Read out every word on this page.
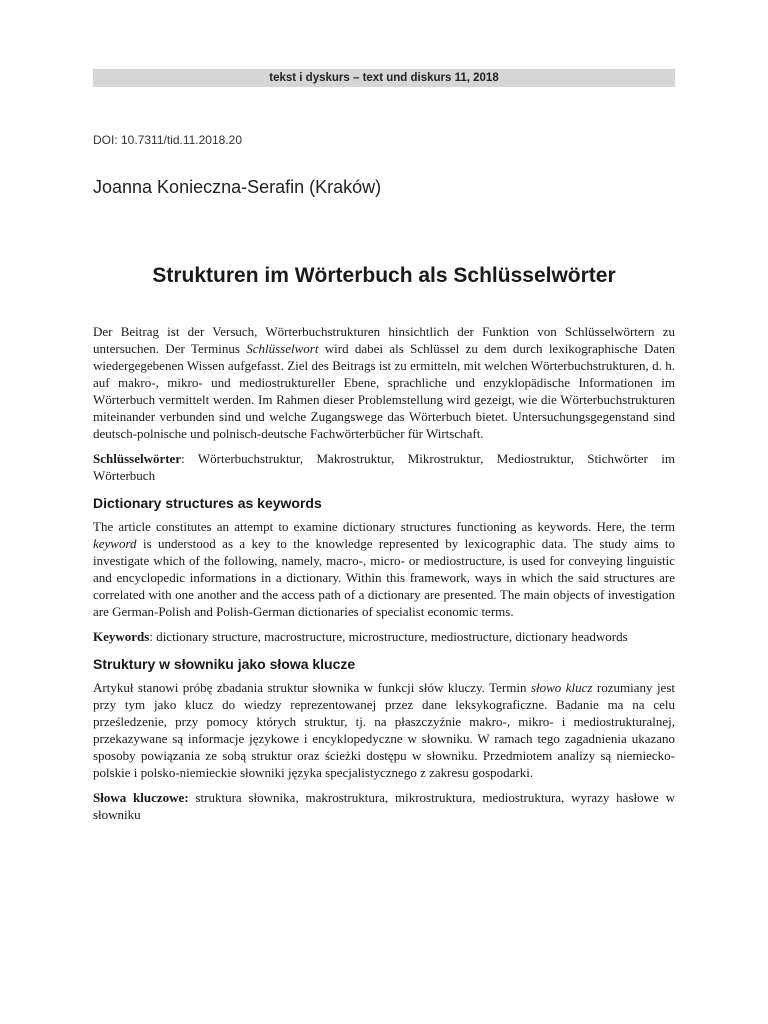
tekst i dyskurs – text und diskurs 11, 2018
DOI: 10.7311/tid.11.2018.20
Joanna Konieczna-Serafin (Kraków)
Strukturen im Wörterbuch als Schlüsselwörter

Der Beitrag ist der Versuch, Wörterbuchstrukturen hinsichtlich der Funktion von Schlüsselwörtern zu untersuchen. Der Terminus Schlüsselwort wird dabei als Schlüssel zu dem durch lexikographische Daten wiedergegebenen Wissen aufgefasst. Ziel des Beitrags ist zu ermitteln, mit welchen Wörterbuchstrukturen, d. h. auf makro-, mikro- und mediostruktureller Ebene, sprachliche und enzyklopädische Informationen im Wörterbuch vermittelt werden. Im Rahmen dieser Problemstellung wird gezeigt, wie die Wörterbuchstrukturen miteinander verbunden sind und welche Zugangswege das Wörterbuch bietet. Untersuchungsgegenstand sind deutsch-polnische und polnisch-deutsche Fachwörterbücher für Wirtschaft.

Schlüsselwörter: Wörterbuchstruktur, Makrostruktur, Mikrostruktur, Mediostruktur, Stichwörter im Wörterbuch

Dictionary structures as keywords

The article constitutes an attempt to examine dictionary structures functioning as keywords. Here, the term keyword is understood as a key to the knowledge represented by lexicographic data. The study aims to investigate which of the following, namely, macro-, micro- or mediostructure, is used for conveying linguistic and encyclopedic informations in a dictionary. Within this framework, ways in which the said structures are correlated with one another and the access path of a dictionary are presented. The main objects of investigation are German-Polish and Polish-German dictionaries of specialist economic terms.

Keywords: dictionary structure, macrostructure, microstructure, mediostructure, dictionary headwords

Struktury w słowniku jako słowa klucze

Artykuł stanowi próbę zbadania struktur słownika w funkcji słów kluczy. Termin słowo klucz rozumiany jest przy tym jako klucz do wiedzy reprezentowanej przez dane leksykograficzne. Badanie ma na celu prześledzenie, przy pomocy których struktur, tj. na płaszczyźnie makro-, mikro- i mediostrukturalnej, przekazywane są informacje językowe i encyklopedyczne w słowniku. W ramach tego zagadnienia ukazano sposoby powiązania ze sobą struktur oraz ścieżki dostępu w słowniku. Przedmiotem analizy są niemiecko-polskie i polsko-niemieckie słowniki języka specjalistycznego z zakresu gospodarki.

Słowa kluczowe: struktura słownika, makrostruktura, mikrostruktura, mediostruktura, wyrazy hasłowe w słowniku
